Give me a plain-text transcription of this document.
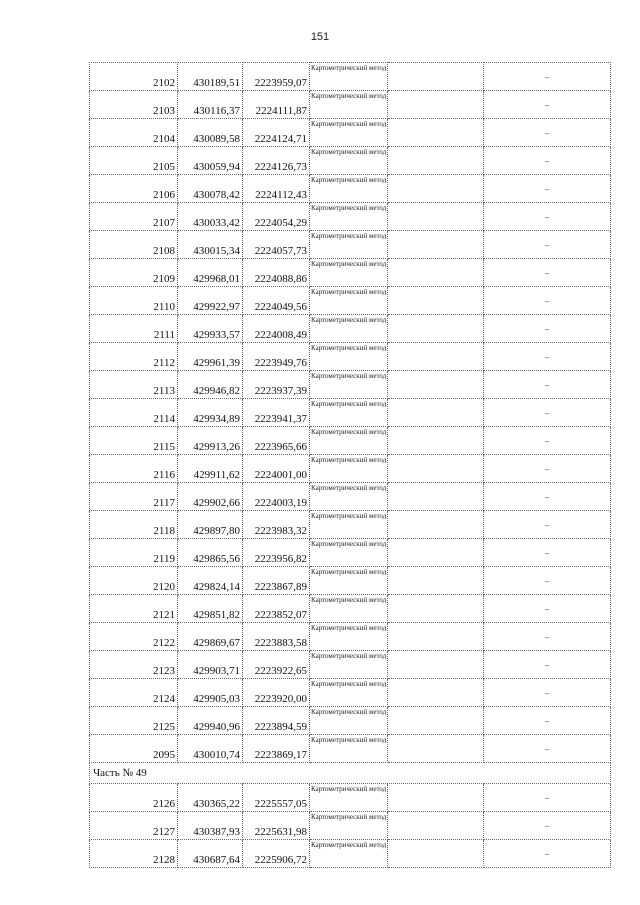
151
2102	430189,51	2223959,07	Картометрический метод		–
2103	430116,37	2224111,87	Картометрический метод		–
2104	430089,58	2224124,71	Картометрический метод		–
2105	430059,94	2224126,73	Картометрический метод		–
2106	430078,42	2224112,43	Картометрический метод		–
2107	430033,42	2224054,29	Картометрический метод		–
2108	430015,34	2224057,73	Картометрический метод		–
2109	429968,01	2224088,86	Картометрический метод		–
2110	429922,97	2224049,56	Картометрический метод		–
2111	429933,57	2224008,49	Картометрический метод		–
2112	429961,39	2223949,76	Картометрический метод		–
2113	429946,82	2223937,39	Картометрический метод		–
2114	429934,89	2223941,37	Картометрический метод		–
2115	429913,26	2223965,66	Картометрический метод		–
2116	429911,62	2224001,00	Картометрический метод		–
2117	429902,66	2224003,19	Картометрический метод		–
2118	429897,80	2223983,32	Картометрический метод		–
2119	429865,56	2223956,82	Картометрический метод		–
2120	429824,14	2223867,89	Картометрический метод		–
2121	429851,82	2223852,07	Картометрический метод		–
2122	429869,67	2223883,58	Картометрический метод		–
2123	429903,71	2223922,65	Картометрический метод		–
2124	429905,03	2223920,00	Картометрический метод		–
2125	429940,96	2223894,59	Картометрический метод		–
2095	430010,74	2223869,17	Картометрический метод		–
Часть № 49					
2126	430365,22	2225557,05	Картометрический метод		–
2127	430387,93	2225631,98	Картометрический метод		–
2128	430687,64	2225906,72	Картометрический метод		–
